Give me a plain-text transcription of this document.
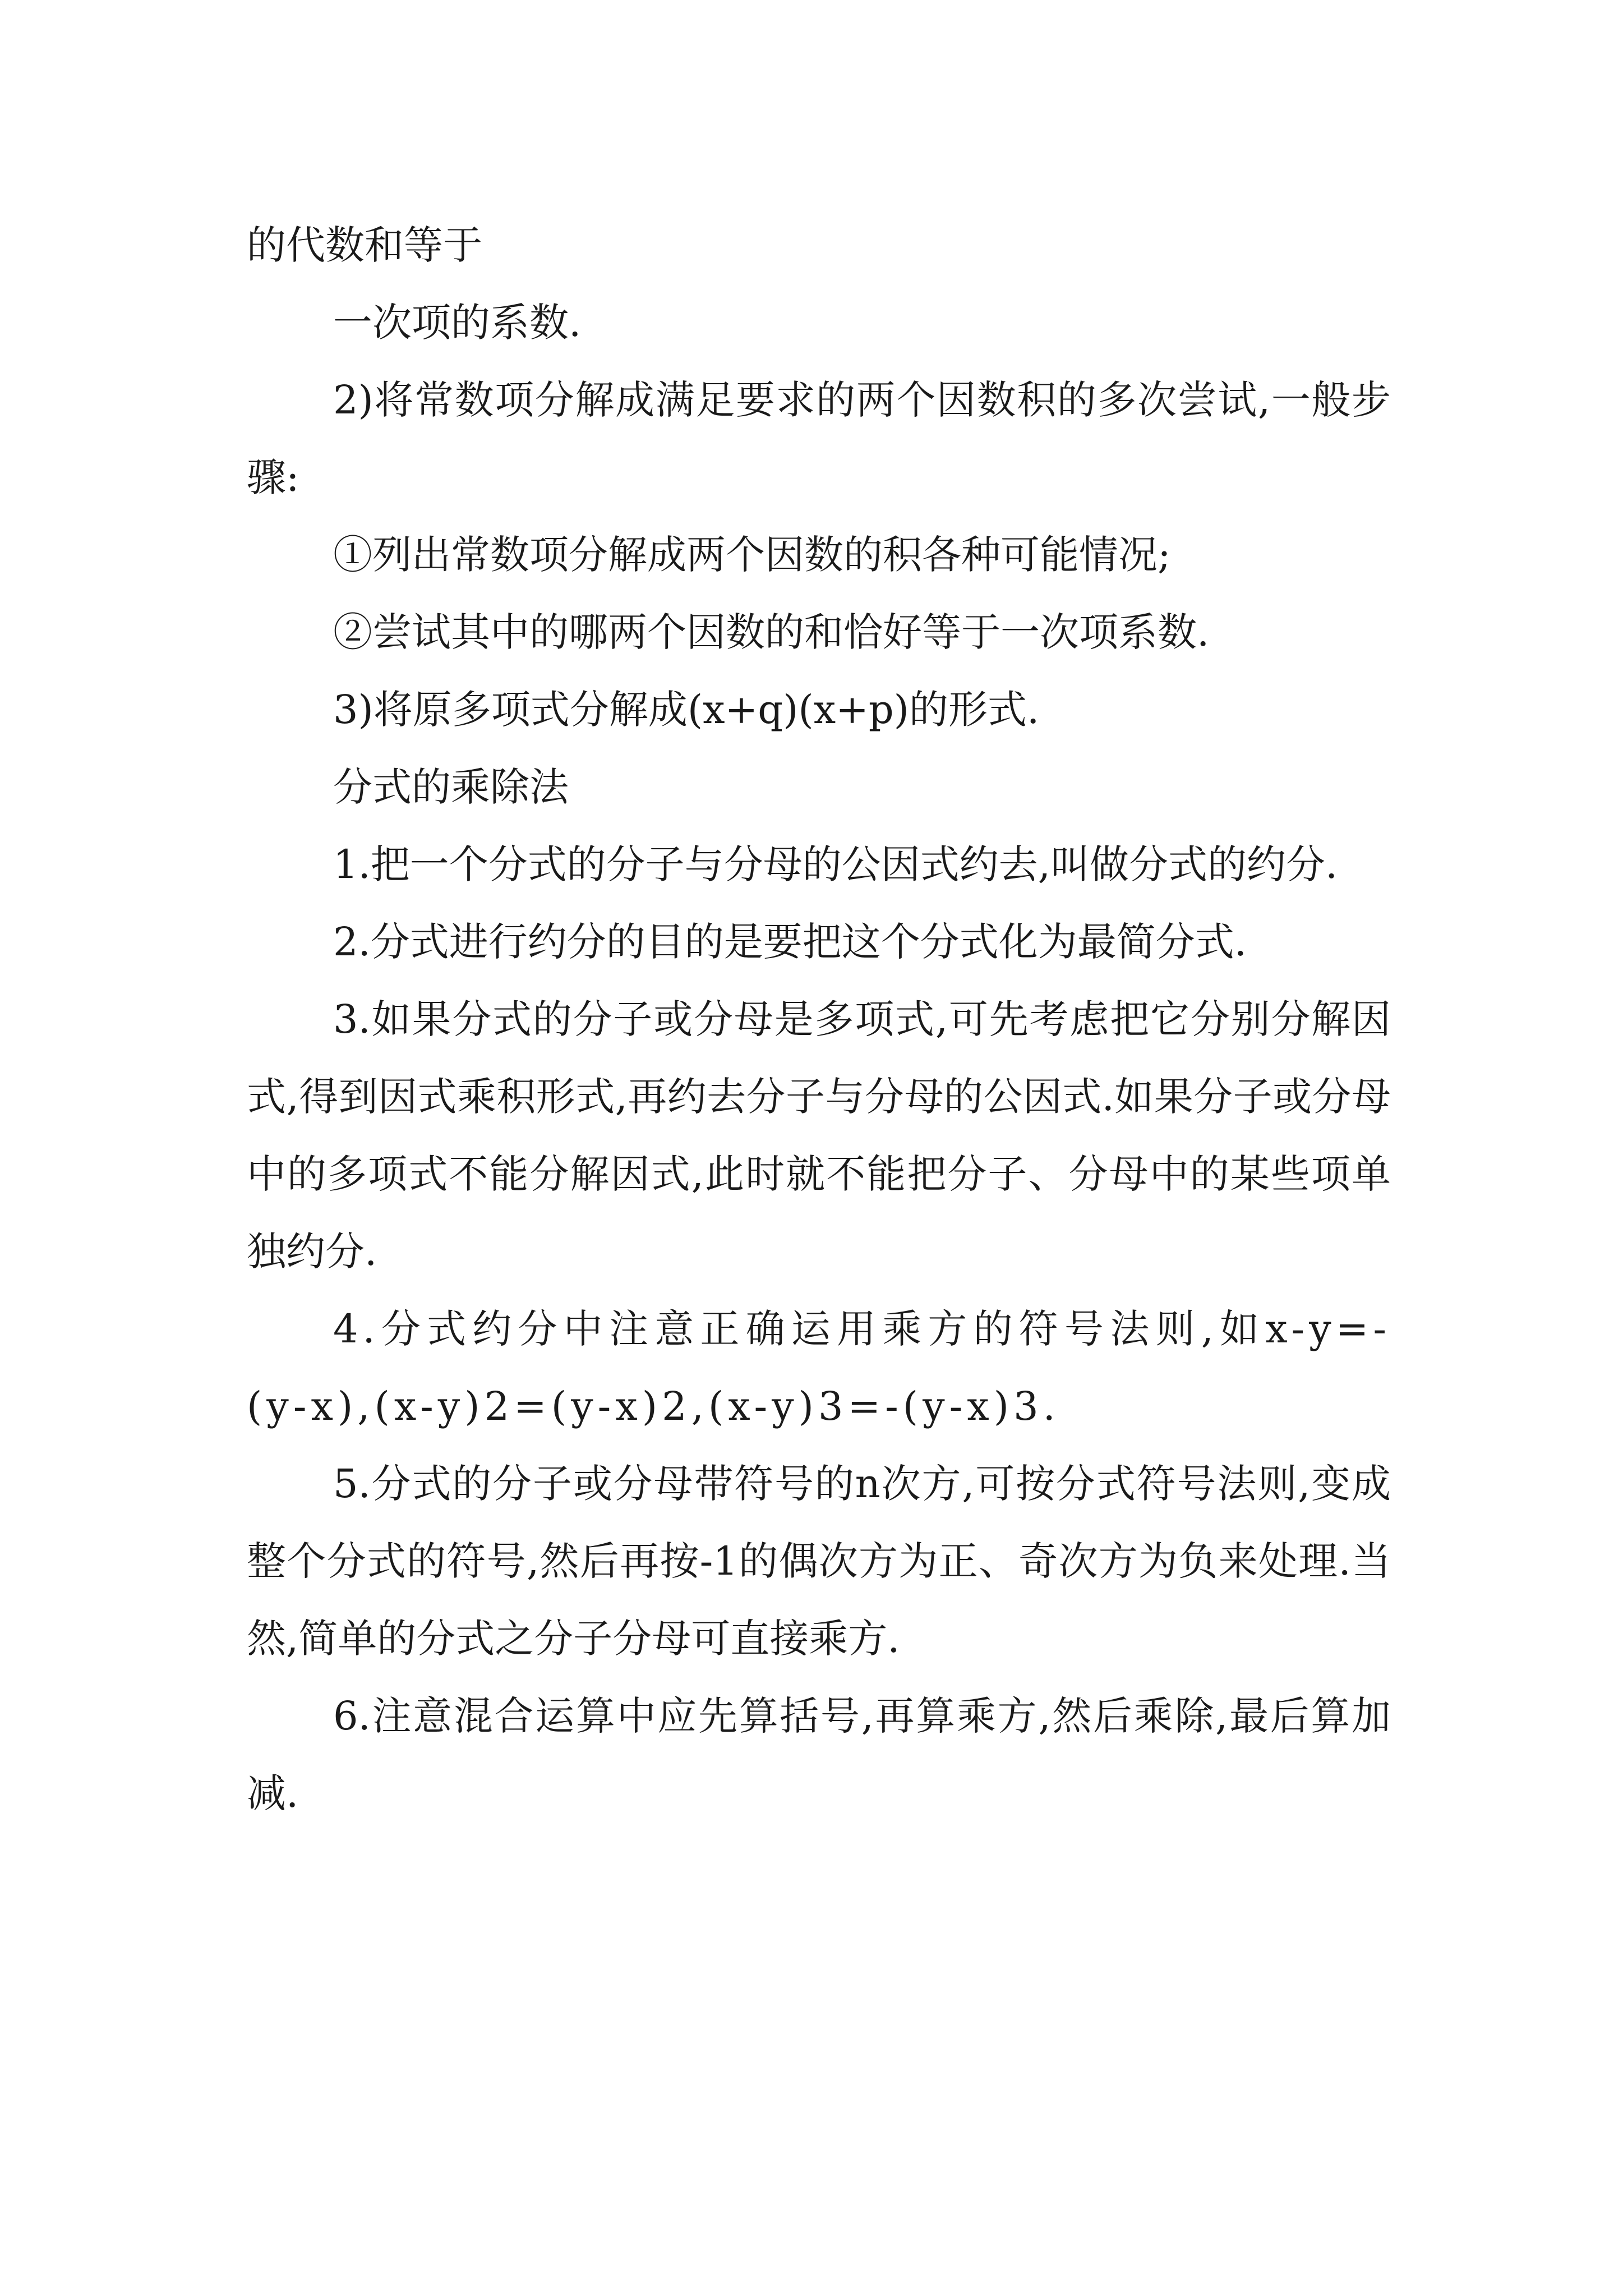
的代数和等于

一次项的系数.

2)将常数项分解成满足要求的两个因数积的多次尝试,一般步骤:

①列出常数项分解成两个因数的积各种可能情况;

②尝试其中的哪两个因数的和恰好等于一次项系数.

3)将原多项式分解成(x+q)(x+p)的形式.

分式的乘除法

1.把一个分式的分子与分母的公因式约去,叫做分式的约分.

2.分式进行约分的目的是要把这个分式化为最简分式.

3.如果分式的分子或分母是多项式,可先考虑把它分别分解因式,得到因式乘积形式,再约去分子与分母的公因式.如果分子或分母中的多项式不能分解因式,此时就不能把分子、分母中的某些项单独约分.

4.分式约分中注意正确运用乘方的符号法则,如x-y=-(y-x),(x-y)2=(y-x)2,(x-y)3=-(y-x)3.

5.分式的分子或分母带符号的n次方,可按分式符号法则,变成整个分式的符号,然后再按-1的偶次方为正、奇次方为负来处理.当然,简单的分式之分子分母可直接乘方.

6.注意混合运算中应先算括号,再算乘方,然后乘除,最后算加减.
